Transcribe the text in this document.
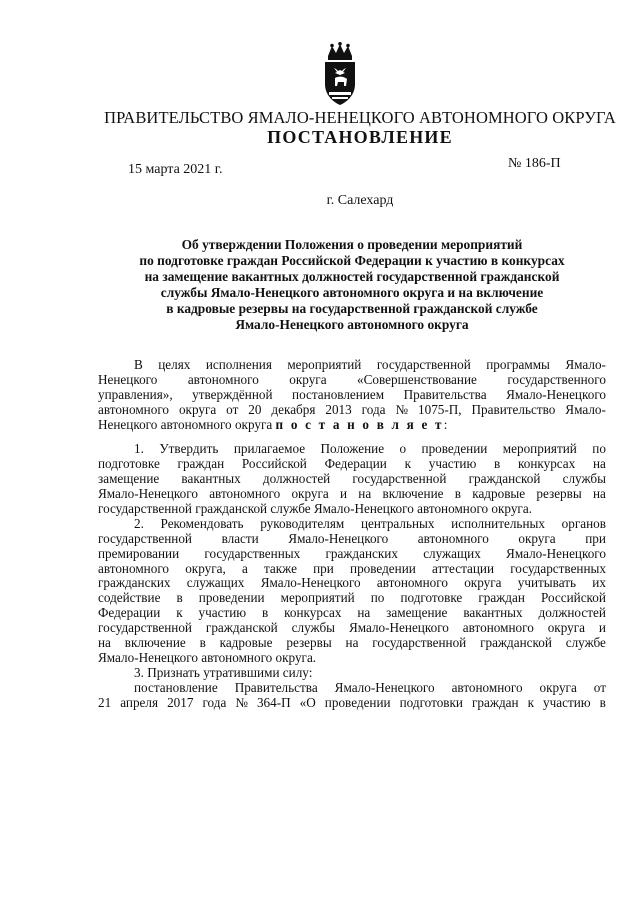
ПРАВИТЕЛЬСТВО ЯМАЛО-НЕНЕЦКОГО АВТОНОМНОГО ОКРУГА
ПОСТАНОВЛЕНИЕ
15 марта 2021 г.	№ 186-П
г. Салехард
Об утверждении Положения о проведении мероприятий
по подготовке граждан Российской Федерации к участию в конкурсах
на замещение вакантных должностей государственной гражданской
службы Ямало-Ненецкого автономного округа и на включение
в кадровые резервы на государственной гражданской службе
Ямало-Ненецкого автономного округа
В целях исполнения мероприятий государственной программы Ямало-
Ненецкого автономного округа «Совершенствование государственного
управления», утверждённой постановлением Правительства Ямало-Ненецкого
автономного округа от 20 декабря 2013 года № 1075-П, Правительство Ямало-
Ненецкого автономного округа
п о с т а н о в л я е т :
1. Утвердить прилагаемое Положение о проведении мероприятий по
подготовке граждан Российской Федерации к участию в конкурсах на
замещение вакантных должностей государственной гражданской службы
Ямало-Ненецкого автономного округа и на включение в кадровые резервы на
государственной гражданской службе Ямало-Ненецкого автономного округа.
2. Рекомендовать руководителям центральных исполнительных органов
государственной власти Ямало-Ненецкого автономного округа при
премировании государственных гражданских служащих Ямало-Ненецкого
автономного округа, а также при проведении аттестации государственных
гражданских служащих Ямало-Ненецкого автономного округа учитывать их
содействие в проведении мероприятий по подготовке граждан Российской
Федерации к участию в конкурсах на замещение вакантных должностей
государственной гражданской службы Ямало-Ненецкого автономного округа и
на включение в кадровые резервы на государственной гражданской службе
Ямало-Ненецкого автономного округа.
3. Признать утратившими силу:
постановление Правительства Ямало-Ненецкого автономного округа от
21 апреля 2017 года № 364-П «О проведении подготовки граждан к участию в
